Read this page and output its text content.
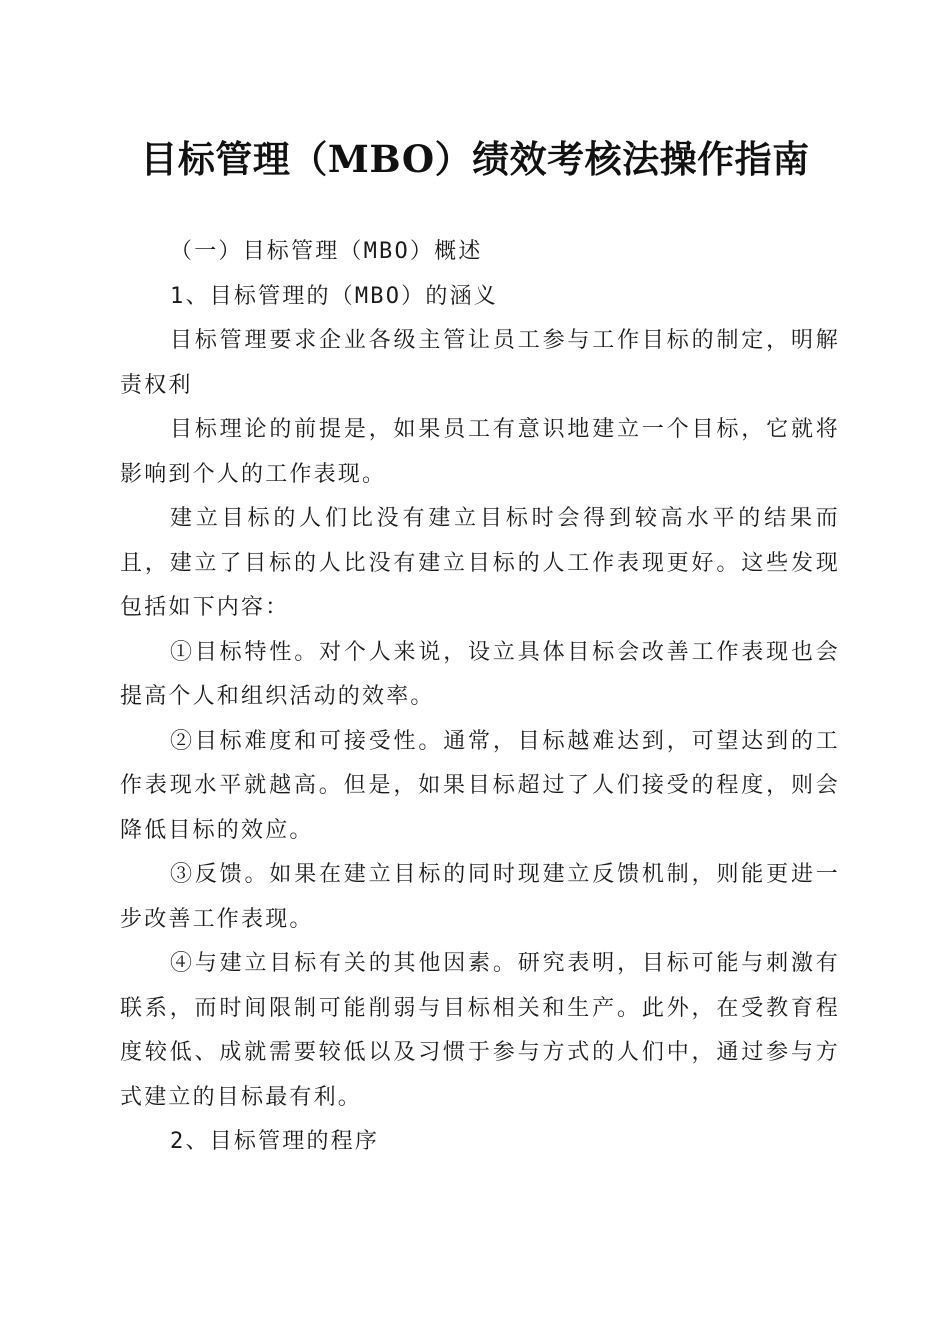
目标管理（MBO）绩效考核法操作指南

（一）目标管理（MBO）概述

1、目标管理的（MBO）的涵义

目标管理要求企业各级主管让员工参与工作目标的制定，明解责权利

目标理论的前提是，如果员工有意识地建立一个目标，它就将影响到个人的工作表现。

建立目标的人们比没有建立目标时会得到较高水平的结果而且，建立了目标的人比没有建立目标的人工作表现更好。这些发现包括如下内容：

①目标特性。对个人来说，设立具体目标会改善工作表现也会提高个人和组织活动的效率。

②目标难度和可接受性。通常，目标越难达到，可望达到的工作表现水平就越高。但是，如果目标超过了人们接受的程度，则会降低目标的效应。

③反馈。如果在建立目标的同时现建立反馈机制，则能更进一步改善工作表现。

④与建立目标有关的其他因素。研究表明，目标可能与刺激有联系，而时间限制可能削弱与目标相关和生产。此外，在受教育程度较低、成就需要较低以及习惯于参与方式的人们中，通过参与方式建立的目标最有利。

2、目标管理的程序
